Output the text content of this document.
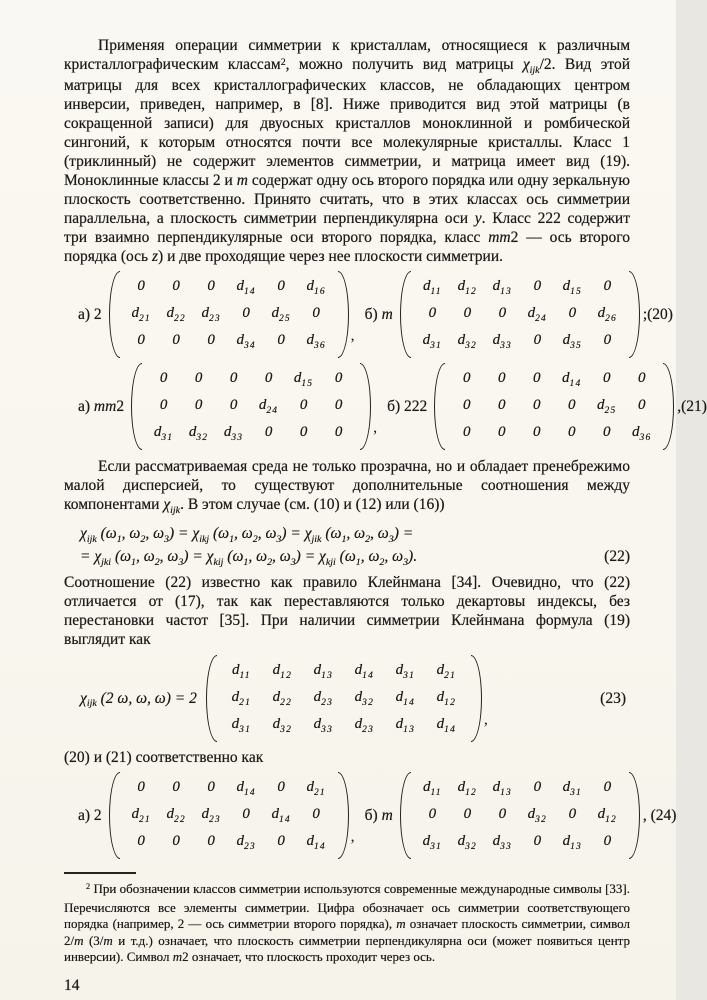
Применяя операции симметрии к кристаллам, относящиеся к различным кристаллографическим классам$^2$, можно получить вид матрицы $\chi_{ijk}/2$. Вид этой матрицы для всех кристаллографических классов, не обладающих центром инверсии, приведен, например, в [8]. Ниже приводится вид этой матрицы (в сокращенной записи) для двуосных кристаллов моноклинной и ромбической сингоний, к которым относятся почти все молекулярные кристаллы. Класс 1 (триклинный) не содержит элементов симметрии, и матрица имеет вид (19). Моноклинные классы 2 и m содержат одну ось второго порядка или одну зеркальную плоскость соответственно. Принято считать, что в этих классах ось симметрии параллельна, а плоскость симметрии перпендикулярна оси y. Класс 222 содержит три взаимно перпендикулярные оси второго порядка, класс mm2 — ось второго порядка (ось z) и две проходящие через нее плоскости симметрии.

а) 2
0	0	0	$d_{14}$	0	$d_{16}$
$d_{21}$	$d_{22}$	$d_{23}$	0	$d_{25}$	0
0	0	0	$d_{34}$	0	$d_{36}$
,
б) m
$d_{11}$	$d_{12}$	$d_{13}$	0	$d_{15}$	0
0	0	0	$d_{24}$	0	$d_{26}$
$d_{31}$	$d_{32}$	$d_{33}$	0	$d_{35}$	0
;(20)
а) mm2
0	0	0	0	$d_{15}$	0
0	0	0	$d_{24}$	0	0
$d_{31}$	$d_{32}$	$d_{33}$	0	0	0	,
б) 222
0	0	0	$d_{14}$	0	0
0	0	0	0	$d_{25}$	0
0	0	0	0	0	$d_{36}$
,(21)

Если рассматриваемая среда не только прозрачна, но и обладает пренебрежимо малой дисперсией, то существуют дополнительные соотношения между компонентами $\chi_{ijk}$. В этом случае (см. (10) и (12) или (16))

$\chi_{ijk}$ ($\omega_1$, $\omega_2$, $\omega_3) = \chi_{ikj}$ ($\omega_1$, $\omega_2$, $\omega_3) = \chi_{jik}$ ($\omega_1$, $\omega_2$, $\omega_3$) =
= $\chi_{jki}$ ($\omega_1$, $\omega_2$, $\omega_3) = \chi_{kij}$ ($\omega_1$, $\omega_2$, $\omega_3) = \chi_{kji}$ ($\omega_1$, $\omega_2$, $\omega_3$).	(22)

Соотношение (22) известно как правило Клейнмана [34]. Очевидно, что (22) отличается от (17), так как переставляются только декартовы индексы, без перестановки частот [35]. При наличии симметрии Клейнмана формула (19) выглядит как

$\chi_{ijk}$ (2 ω, ω, ω) = 2
$d_{11}$	$d_{12}$	$d_{13}$	$d_{14}$	$d_{31}$	$d_{21}$
$d_{21}$	$d_{22}$	$d_{23}$	$d_{32}$	$d_{14}$	$d_{12}$
$d_{31}$	$d_{32}$	$d_{33}$	$d_{23}$	$d_{13}$	$d_{14}$
,
(23)

(20) и (21) соответственно как

а) 2
0	0	0	$d_{14}$	0	$d_{21}$
$d_{21}$	$d_{22}$	$d_{23}$	0	$d_{14}$	0
0	0	0	$d_{23}$	0	$d_{14}$
,
б) m
$d_{11}$	$d_{12}$	$d_{13}$	0	$d_{31}$	0
0	0	0	$d_{32}$	0	$d_{12}$
$d_{31}$	$d_{32}$	$d_{33}$	0	$d_{13}$	0
, (24)

$^2$ При обозначении классов симметрии используются современные международные символы [33]. Перечисляются все элементы симметрии. Цифра обозначает ось симметрии соответствующего порядка (например, 2 — ось симметрии второго порядка), m означает плоскость симметрии, символ 2/m (3/m и т.д.) означает, что плоскость симметрии перпендикулярна оси (может появиться центр инверсии). Символ m2 означает, что плоскость проходит через ось.

14
